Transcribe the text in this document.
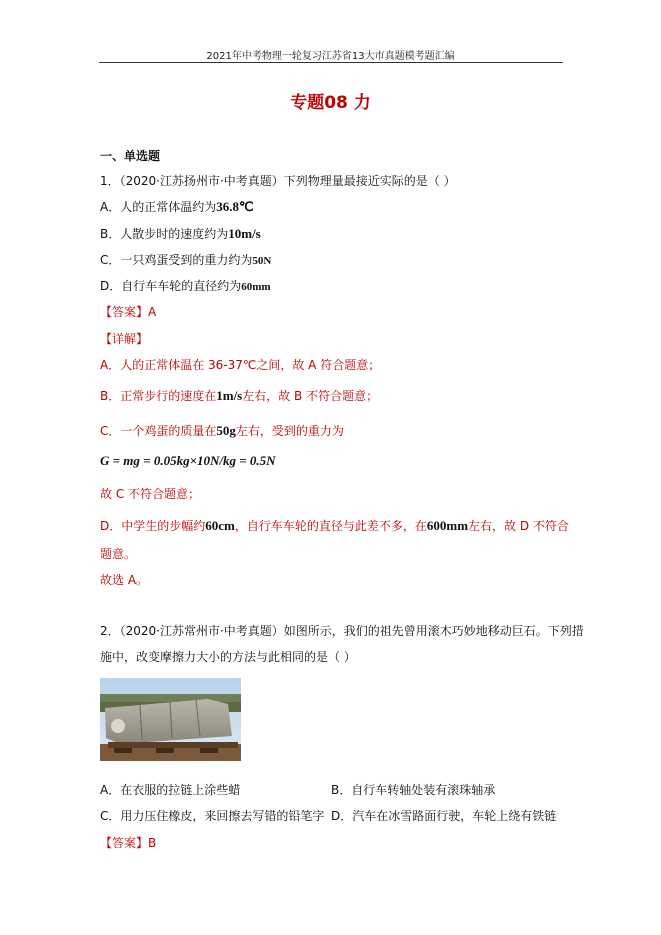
2021年中考物理一轮复习江苏省13大市真题模考题汇编
专题08 力
一、单选题
1．（2020·江苏扬州市·中考真题）下列物理量最接近实际的是（ ）
A．人的正常体温约为36.8℃
B．人散步时的速度约为10m/s
C．一只鸡蛋受到的重力约为50N
D．自行车车轮的直径约为60mm
【答案】A
【详解】
A．人的正常体温在 36-37℃之间，故 A 符合题意；
B．正常步行的速度在1m/s左右，故 B 不符合题意；
C．一个鸡蛋的质量在50g左右，受到的重力为
G = mg = 0.05kg×10N/kg = 0.5N
故 C 不符合题意；
D．中学生的步幅约60cm，自行车车轮的直径与此差不多，在600mm左右，故 D 不符合
题意。
故选 A。
2．（2020·江苏常州市·中考真题）如图所示，我们的祖先曾用滚木巧妙地移动巨石。下列措
施中，改变摩擦力大小的方法与此相同的是（ ）
A．在衣服的拉链上涂些蜡	B．自行车转轴处装有滚珠轴承
C．用力压住橡皮，来回擦去写错的铅笔字 D．汽车在冰雪路面行驶，车轮上绕有铁链
【答案】B
